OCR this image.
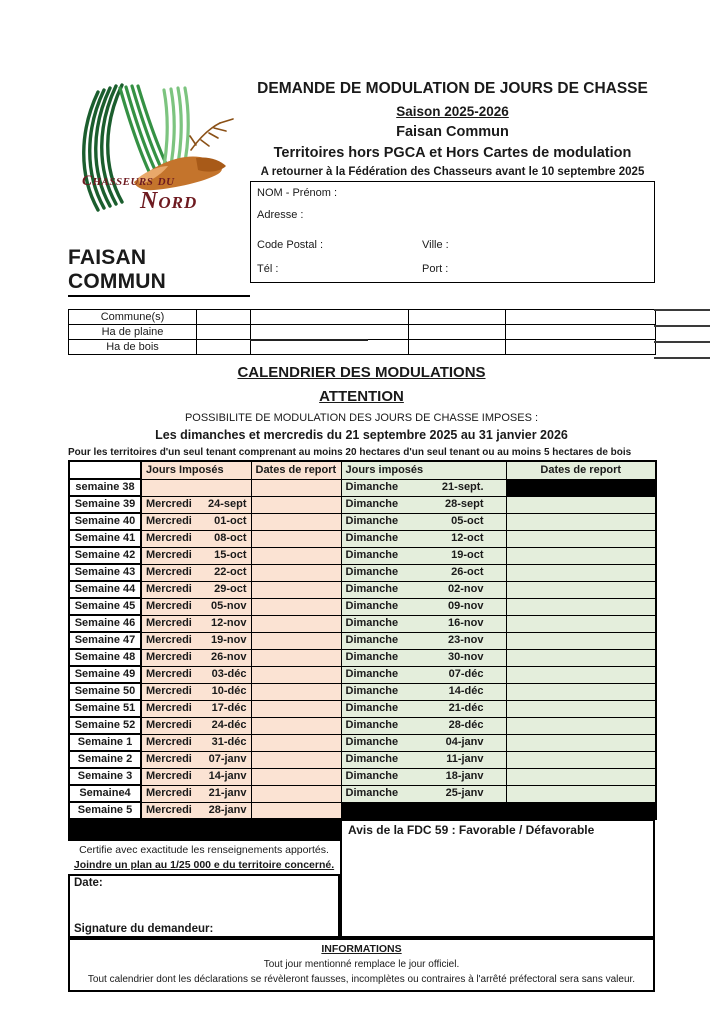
Chasseurs du
Nord
FAISAN COMMUN
DEMANDE DE MODULATION DE JOURS DE CHASSE
Saison 2025-2026
Faisan Commun
Territoires hors PGCA et Hors Cartes de modulation
A retourner à la Fédération des Chasseurs avant le 10 septembre 2025
NOM - Prénom :
Adresse :
Code Postal :	Ville :
Tél :	Port :
Commune(s)				
Ha de plaine				
Ha de bois				
CALENDRIER DES MODULATIONS
ATTENTION
POSSIBILITE DE MODULATION DES JOURS DE CHASSE IMPOSES :
Les dimanches et mercredis du 21 septembre 2025 au 31 janvier 2026
Pour les territoires d'un seul tenant comprenant au moins 20 hectares d'un seul tenant ou au moins 5 hectares de bois
	Jours Imposés	Dates de report	Jours imposés	Dates de report
semaine 38			Dimanche 21-sept.	

Semaine 39	Mercredi 24-sept		Dimanche 28-sept	

Semaine 40	Mercredi 01-oct		Dimanche 05-oct	

Semaine 41	Mercredi 08-oct		Dimanche 12-oct	

Semaine 42	Mercredi 15-oct		Dimanche 19-oct	

Semaine 43	Mercredi 22-oct		Dimanche 26-oct	

Semaine 44	Mercredi 29-oct		Dimanche 02-nov	

Semaine 45	Mercredi 05-nov		Dimanche 09-nov	

Semaine 46	Mercredi 12-nov		Dimanche 16-nov	

Semaine 47	Mercredi 19-nov		Dimanche 23-nov	

Semaine 48	Mercredi 26-nov		Dimanche 30-nov	

Semaine 49	Mercredi 03-déc		Dimanche 07-déc	

Semaine 50	Mercredi 10-déc		Dimanche 14-déc	

Semaine 51	Mercredi 17-déc		Dimanche 21-déc	

Semaine 52	Mercredi 24-déc		Dimanche 28-déc	

Semaine 1	Mercredi 31-déc		Dimanche 04-janv	

Semaine 2	Mercredi 07-janv		Dimanche 11-janv	

Semaine 3	Mercredi 14-janv		Dimanche 18-janv	

Semaine4	Mercredi 21-janv		Dimanche 25-janv	

Semaine 5	Mercredi 28-janv			

Certifie avec exactitude les renseignements apportés.
Joindre un plan au 1/25 000 e du territoire concerné.
Date:
Signature du demandeur:
Avis de la FDC 59 : Favorable / Défavorable
INFORMATIONS
Tout jour mentionné remplace le jour officiel.
Tout calendrier dont les déclarations se révèleront fausses, incomplètes ou contraires à l'arrêté préfectoral sera sans valeur.
